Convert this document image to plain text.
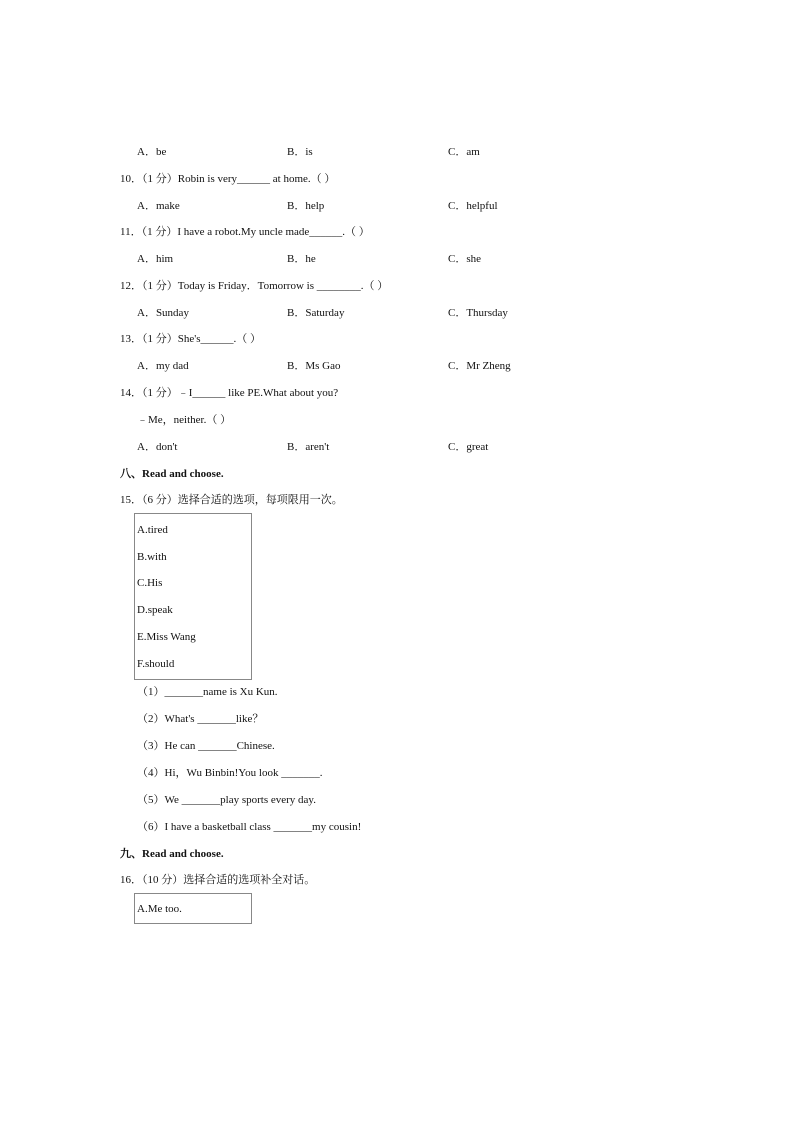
A．be	B．is	C．am
10．（1 分）Robin is very______ at home.（ ）
A．make	B．help	C．helpful
11．（1 分）I have a robot.My uncle made______.（ ）
A．him	B．he	C．she
12．（1 分）Today is Friday．Tomorrow is ________.（ ）
A．Sunday	B．Saturday	C．Thursday
13．（1 分）She's______.（ ）
A．my dad	B．Ms Gao	C．Mr Zheng
14．（1 分）﹣I______ like PE.What about you?
﹣Me，neither.（ ）
A．don't	B．aren't	C．great
八、Read and choose.
15．（6 分）选择合适的选项，每项限用一次。
A.tired
B.with
C.His
D.speak
E.Miss Wang
F.should
（1）_______name is Xu Kun.
（2）What's _______like？
（3）He can _______Chinese.
（4）Hi，Wu Binbin!You look _______.
（5）We _______play sports every day.
（6）I have a basketball class _______my cousin!
九、Read and choose.
16．（10 分）选择合适的选项补全对话。
A.Me too.
